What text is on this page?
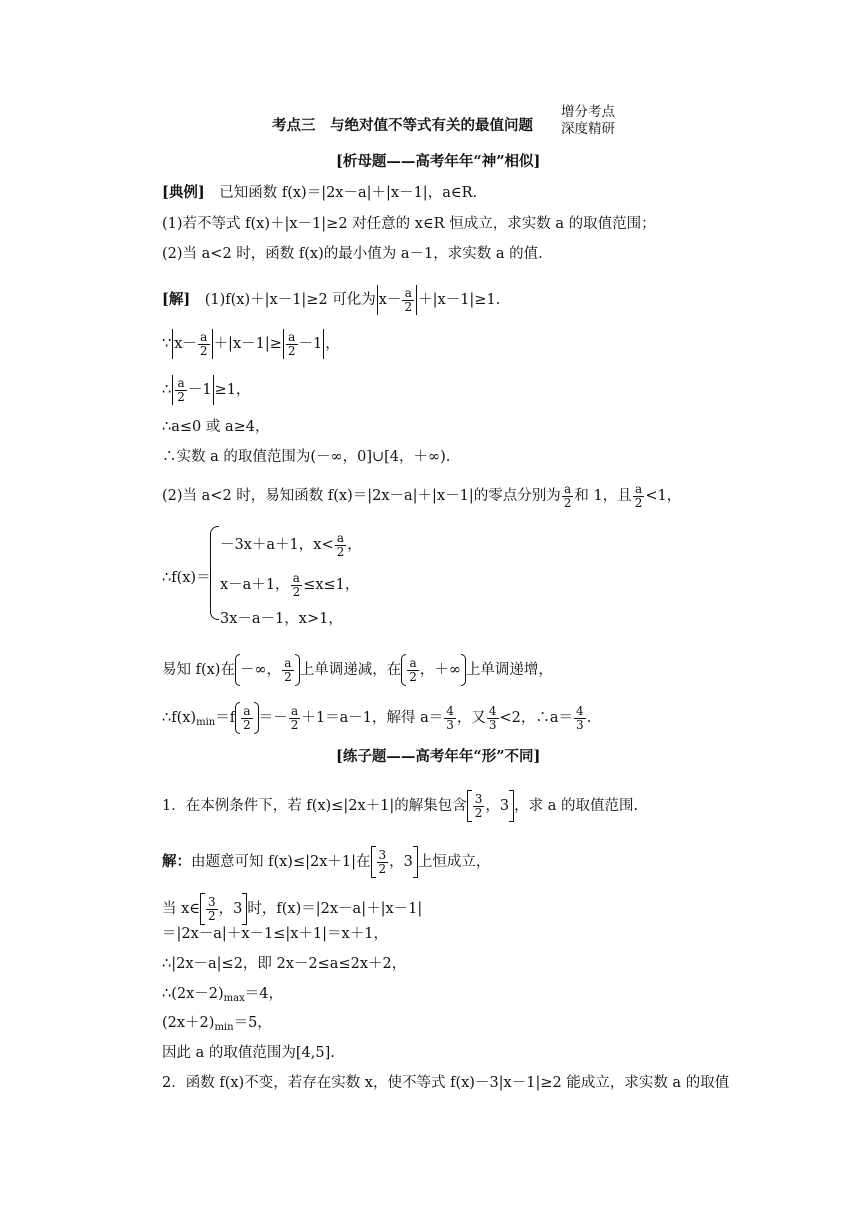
考点三　与绝对值不等式有关的最值问题
增分考点
深度精研
[析母题——高考年年“神”相似]
[典例]　 已知函数 f(x)＝|2x－a|＋|x－1|，a∈R.
(1)若不等式 f(x)＋|x－1|≥2 对任意的 x∈R 恒成立，求实数 a 的取值范围；
(2)当 a<2 时，函数 f(x)的最小值为 a－1，求实数 a 的值.
[解]　 (1)f(x)＋|x－1|≥2 可化为 $x- \frac{a}{2} +|x-1|\ge 1$.
∵ $x- \frac{a}{2} +|x-1|\ge \frac{a}{2} -1$ ，
∴ $\frac{a}{2} -1 \ge 1$，
∴a≤0 或 a≥4，
∴实数 a 的取值范围为(－∞，0]∪[4，＋∞).
(2)当 a<2 时，易知函数 f(x)＝|2x－a|＋|x－1|的零点分别为 $\frac{a}{2}$ 和 1，且 $\frac{a}{2} <1$，
∴f(x)＝
－3x＋a＋1，$x< \frac{a}{2}$ ，
x－a＋1， $\frac{a}{2} \le x\le 1$，
3x－a－1，x>1，
易知 f(x)在 －∞， $\frac{a}{2}$ 上单调递减，在 $\frac{a}{2}$ ，＋∞ 上单调递增，
$\therefore f(x)_{min}=f \frac{a}{2} =- \frac{a}{2} +1=a-1$，解得 $a= \frac{4}{3}$ ，又 $\frac{4}{3} <2$，∴a＝ $\frac{4}{3}$ .
[练子题——高考年年“形”不同]
1．在本例条件下，若 f(x)≤|2x＋1|的解集包含 $\frac{3}{2}$ ，3 ，求 a 的取值范围.
解：由题意可知 f(x)≤|2x＋1|在 $\frac{3}{2}$ ，3 上恒成立，
当 x∈ $\frac{3}{2}$ ，3 时，f(x)＝|2x－a|＋|x－1|
＝|2x－a|＋x－1≤|x＋1|＝x＋1，
∴|2x－a|≤2，即 2x－2≤a≤2x＋2，
$\therefore(2x-2)_{max}=4$，
$(2x+2)_{min}=5$，
因此 a 的取值范围为[4,5].
2．函数 f(x)不变，若存在实数 x，使不等式 f(x)－3|x－1|≥2 能成立，求实数 a 的取值
